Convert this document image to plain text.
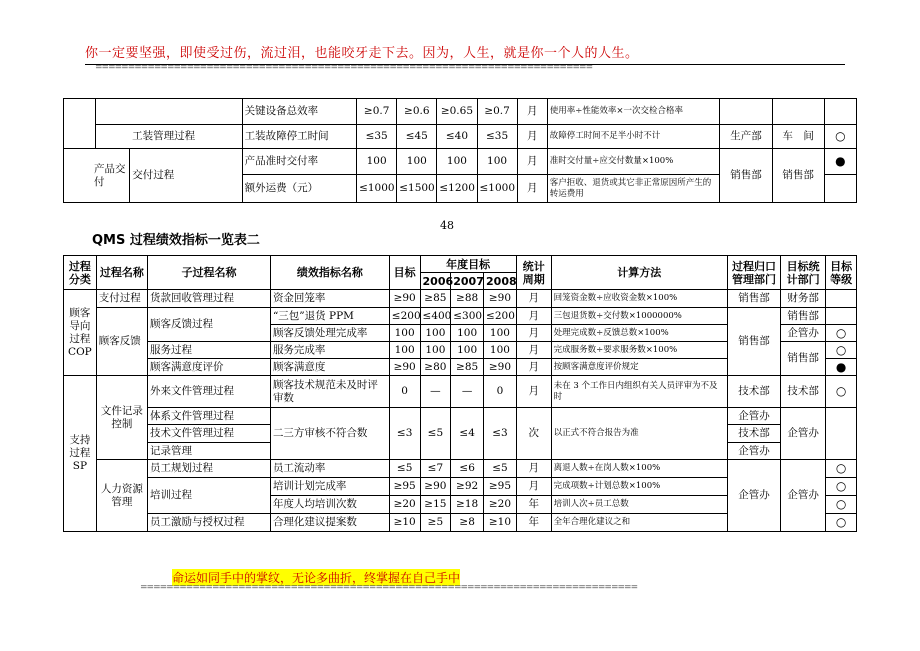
你一定要坚强，即使受过伤，流过泪，也能咬牙走下去。因为，人生，就是你一个人的人生。
============================================================================
			关键设备总效率	≥0.7	≥0.6	≥0.65	≥0.7	月	使用率÷性能效率×一次交检合格率			
	工装管理过程		工装故障停工时间	≤35	≤45	≤40	≤35	月	故障停工时间不足半小时不计	生产部	车　间	○
产品交付		交付过程	产品准时交付率	100	100	100	100	月	准时交付量÷应交付数量×100%	销售部	销售部	●
			额外运费（元）	≤1000	≤1500	≤1200	≤1000	月	客户拒收、退货或其它非正常原因所产生的转运费用			
48
QMS 过程绩效指标一览表二
过程分类	过程名称	子过程名称	绩效指标名称	目标	年度目标			统计周期	计算方法	过程归口管理部门	目标统计部门	目标等级
					2006	2007	2008					
顾客导向过程COP	支付过程	货款回收管理过程	资金回笼率	≥90	≥85	≥88	≥90	月	回笼资金数÷应收资金数×100%	销售部	财务部	
	顾客反馈	顾客反馈过程	“三包”退货 PPM	≤200	≤400	≤300	≤200	月	三包退货数÷交付数×1000000%	销售部	销售部	
			顾客反馈处理完成率	100	100	100	100	月	处理完成数÷反馈总数×100%		企管办	○
		服务过程	服务完成率	100	100	100	100	月	完成服务数÷要求服务数×100%		销售部	○
		顾客满意度评价	顾客满意度	≥90	≥80	≥85	≥90	月	按顾客满意度评价规定			●
支持过程SP	文件记录控制	外来文件管理过程	顾客技术规范未及时评审数	0	—	—	0	月	未在 3 个工作日内组织有关人员评审为不及时	技术部	技术部	○
		体系文件管理过程	二三方审核不符合数	≤3	≤5	≤4	≤3	次	以正式不符合报告为准	企管办	企管办	
		技术文件管理过程								技术部		
		记录管理								企管办		
	人力资源管理	员工规划过程	员工流动率	≤5	≤7	≤6	≤5	月	离退人数÷在岗人数×100%	企管办	企管办	○
		培训过程	培训计划完成率	≥95	≥90	≥92	≥95	月	完成项数÷计划总数×100%			○
			年度人均培训次数	≥20	≥15	≥18	≥20	年	培训人次÷员工总数			○
		员工激励与授权过程	合理化建议提案数	≥10	≥5	≥8	≥10	年	全年合理化建议之和			○
命运如同手中的掌纹，无论多曲折，终掌握在自己手中
============================================================================
